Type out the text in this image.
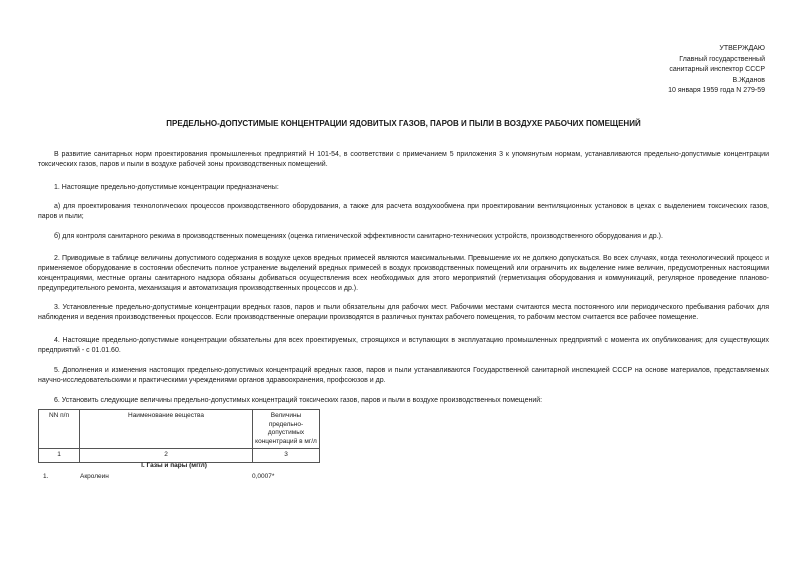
УТВЕРЖДАЮ
Главный государственный
санитарный инспектор СССР
В.Жданов
10 января 1959 года N 279-59
ПРЕДЕЛЬНО-ДОПУСТИМЫЕ КОНЦЕНТРАЦИИ ЯДОВИТЫХ ГАЗОВ, ПАРОВ И ПЫЛИ В ВОЗДУХЕ РАБОЧИХ ПОМЕЩЕНИЙ
В развитие санитарных норм проектирования промышленных предприятий Н 101-54, в соответствии с примечанием 5 приложения 3 к упомянутым нормам, устанавливаются предельно-допустимые концентрации токсических газов, паров и пыли в воздухе рабочей зоны производственных помещений.
1. Настоящие предельно-допустимые концентрации предназначены:
а) для проектирования технологических процессов производственного оборудования, а также для расчета воздухообмена при проектировании вентиляционных установок в цехах с выделением токсических газов, паров и пыли;
б) для контроля санитарного режима в производственных помещениях (оценка гигиенической эффективности санитарно-технических устройств, производственного оборудования и др.).
2. Приводимые в таблице величины допустимого содержания в воздухе цехов вредных примесей являются максимальными. Превышение их не должно допускаться. Во всех случаях, когда технологический процесс и применяемое оборудование в состоянии обеспечить полное устранение выделений вредных примесей в воздух производственных помещений или ограничить их выделение ниже величин, предусмотренных настоящими концентрациями, местные органы санитарного надзора обязаны добиваться осуществления всех необходимых для этого мероприятий (герметизация оборудования и коммуникаций, регулярное проведение планово-предупредительного ремонта, механизация и автоматизация производственных процессов и др.).
3. Установленные предельно-допустимые концентрации вредных газов, паров и пыли обязательны для рабочих мест. Рабочими местами считаются места постоянного или периодического пребывания рабочих для наблюдения и ведения производственных процессов. Если производственные операции производятся в различных пунктах рабочего помещения, то рабочим местом считается все рабочее помещение.
4. Настоящие предельно-допустимые концентрации обязательны для всех проектируемых, строящихся и вступающих в эксплуатацию промышленных предприятий с момента их опубликования; для существующих предприятий - с 01.01.60.
5. Дополнения и изменения настоящих предельно-допустимых концентраций вредных газов, паров и пыли устанавливаются Государственной санитарной инспекцией СССР на основе материалов, представляемых научно-исследовательскими и практическими учреждениями органов здравоохранения, профсоюзов и др.
6. Установить следующие величины предельно-допустимых концентраций токсических газов, паров и пыли в воздухе производственных помещений:
NN п/п	Наименование вещества	Величины предельно-допустимых концентраций в мг/л
1	2	3
I. Газы и пары (мг/л)
1.	Акролеин	0,0007*
